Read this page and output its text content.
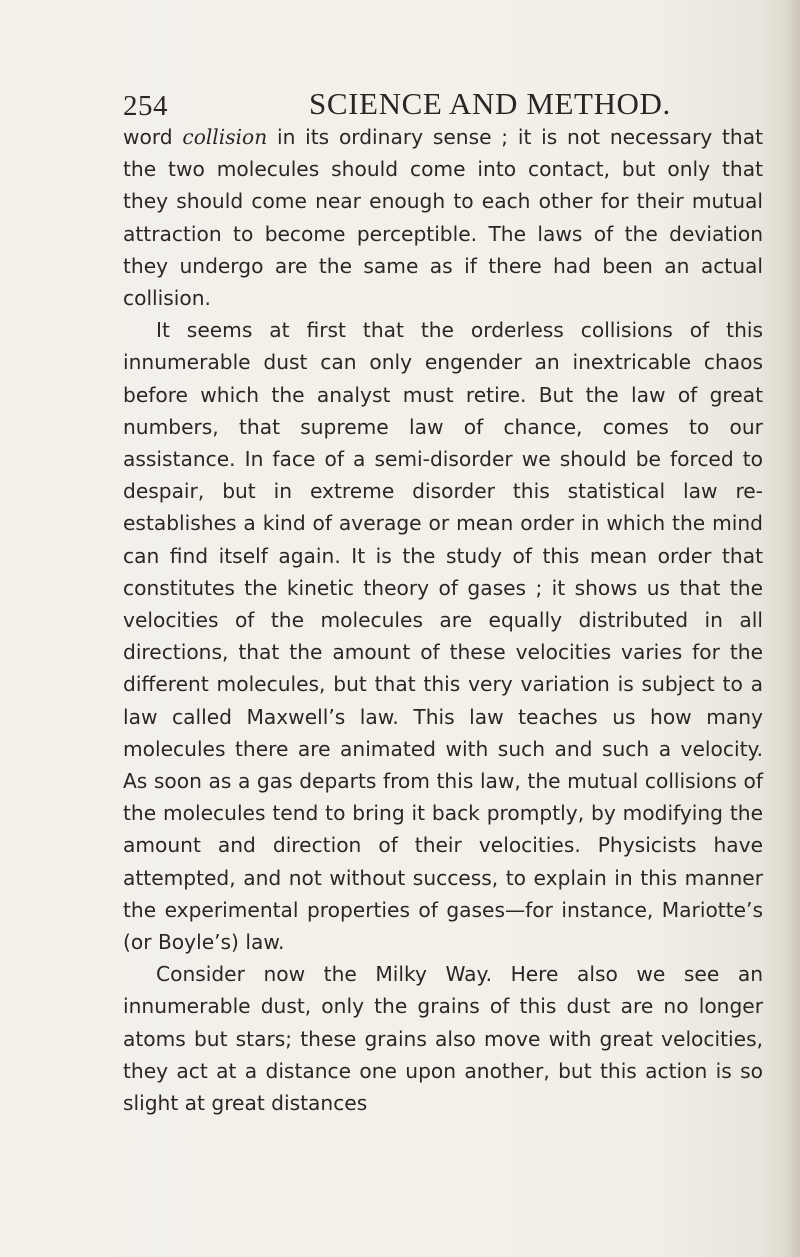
254	SCIENCE AND METHOD.

word collision in its ordinary sense ; it is not necessary that the two molecules should come into contact, but only that they should come near enough to each other for their mutual attraction to become perceptible. The laws of the deviation they undergo are the same as if there had been an actual collision.

It seems at first that the orderless collisions of this innumerable dust can only engender an inextricable chaos before which the analyst must retire. But the law of great numbers, that supreme law of chance, comes to our assistance. In face of a semi-disorder we should be forced to despair, but in extreme disorder this statistical law re-establishes a kind of average or mean order in which the mind can find itself again. It is the study of this mean order that constitutes the kinetic theory of gases ; it shows us that the velocities of the molecules are equally distributed in all directions, that the amount of these velocities varies for the different molecules, but that this very variation is subject to a law called Maxwell’s law. This law teaches us how many molecules there are animated with such and such a velocity. As soon as a gas departs from this law, the mutual collisions of the molecules tend to bring it back promptly, by modifying the amount and direction of their velocities. Physicists have attempted, and not without success, to explain in this manner the experimental properties of gases—for instance, Mariotte’s (or Boyle’s) law.

Consider now the Milky Way. Here also we see an innumerable dust, only the grains of this dust are no longer atoms but stars; these grains also move with great velocities, they act at a distance one upon another, but this action is so slight at great distances
